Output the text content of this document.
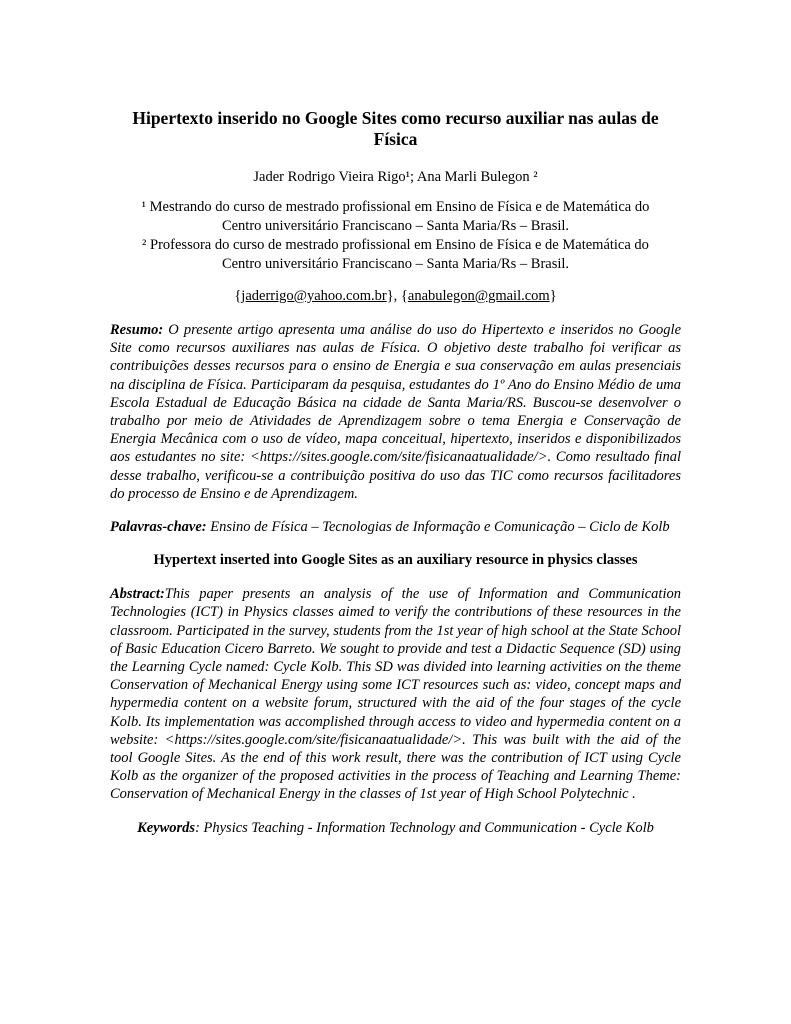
Hipertexto inserido no Google Sites como recurso auxiliar nas aulas de Física

Jader Rodrigo Vieira Rigo¹; Ana Marli Bulegon ²

¹ Mestrando do curso de mestrado profissional em Ensino de Física e de Matemática do

Centro universitário Franciscano – Santa Maria/Rs – Brasil.

² Professora do curso de mestrado profissional em Ensino de Física e de Matemática do

Centro universitário Franciscano – Santa Maria/Rs – Brasil.

{jaderrigo@yahoo.com.br}, {anabulegon@gmail.com}

Resumo: O presente artigo apresenta uma análise do uso do Hipertexto e inseridos no Google Site como recursos auxiliares nas aulas de Física. O objetivo deste trabalho foi verificar as contribuições desses recursos para o ensino de Energia e sua conservação em aulas presenciais na disciplina de Física. Participaram da pesquisa, estudantes do 1º Ano do Ensino Médio de uma Escola Estadual de Educação Básica na cidade de Santa Maria/RS. Buscou-se desenvolver o trabalho por meio de Atividades de Aprendizagem sobre o tema Energia e Conservação de Energia Mecânica com o uso de vídeo, mapa conceitual, hipertexto, inseridos e disponibilizados aos estudantes no site: <https://sites.google.com/site/fisicanaatualidade/>. Como resultado final desse trabalho, verificou-se a contribuição positiva do uso das TIC como recursos facilitadores do processo de Ensino e de Aprendizagem.

Palavras-chave: Ensino de Física – Tecnologias de Informação e Comunicação – Ciclo de Kolb

Hypertext inserted into Google Sites as an auxiliary resource in physics classes

Abstract:This paper presents an analysis of the use of Information and Communication Technologies (ICT) in Physics classes aimed to verify the contributions of these resources in the classroom. Participated in the survey, students from the 1st year of high school at the State School of Basic Education Cicero Barreto. We sought to provide and test a Didactic Sequence (SD) using the Learning Cycle named: Cycle Kolb. This SD was divided into learning activities on the theme Conservation of Mechanical Energy using some ICT resources such as: video, concept maps and hypermedia content on a website forum, structured with the aid of the four stages of the cycle Kolb. Its implementation was accomplished through access to video and hypermedia content on a website: <https://sites.google.com/site/fisicanaatualidade/>. This was built with the aid of the tool Google Sites. As the end of this work result, there was the contribution of ICT using Cycle Kolb as the organizer of the proposed activities in the process of Teaching and Learning Theme: Conservation of Mechanical Energy in the classes of 1st year of High School Polytechnic .

Keywords: Physics Teaching - Information Technology and Communication - Cycle Kolb
